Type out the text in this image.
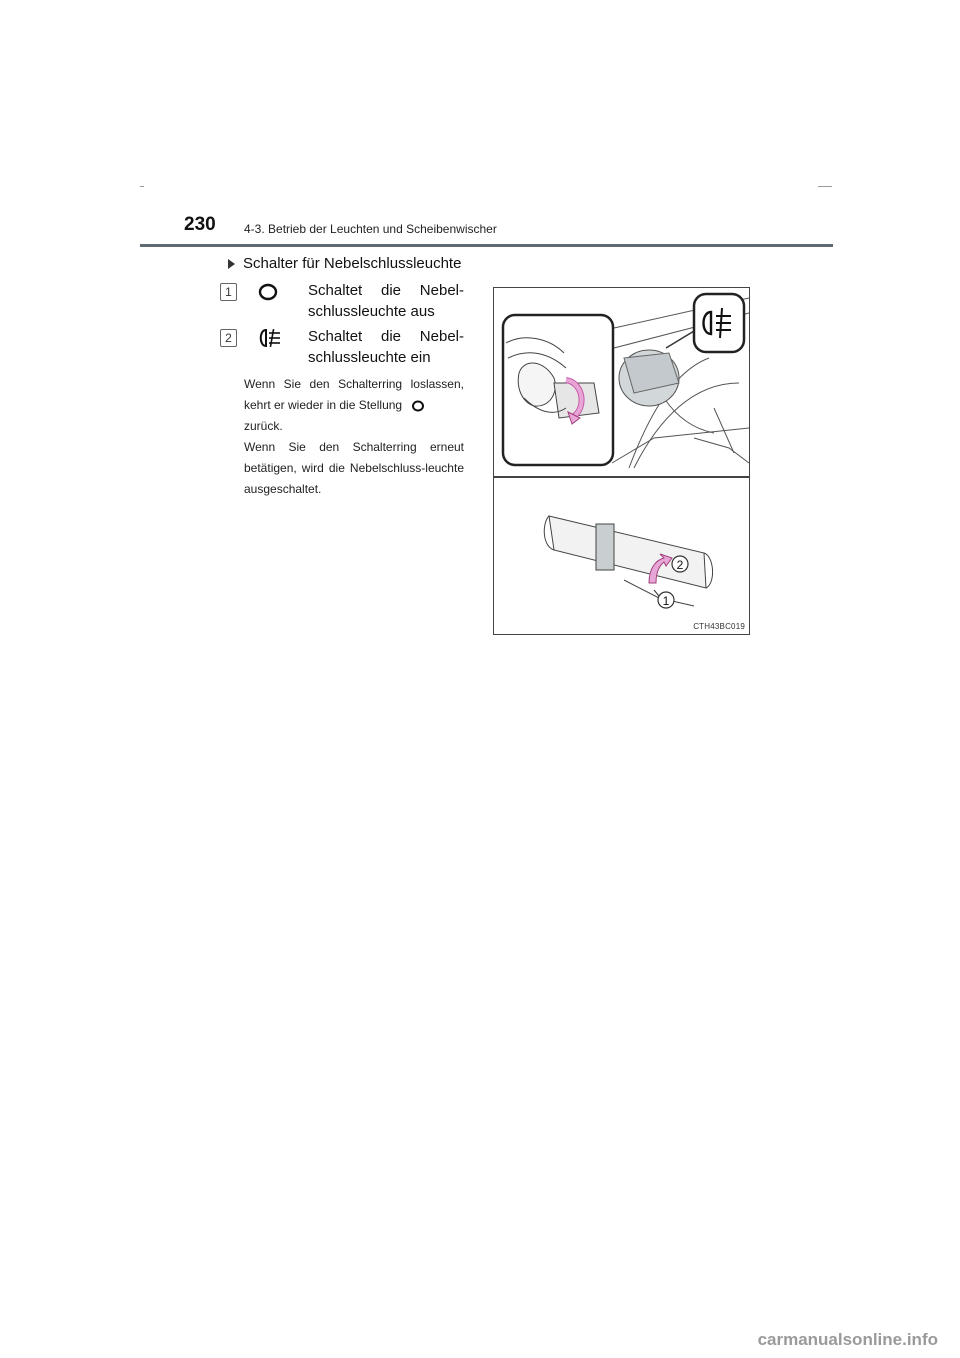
230 4-3. Betrieb der Leuchten und Scheibenwischer
Schalter für Nebelschlussleuchte
1	Schaltet die Nebel-
schlussleuchte aus
2	Schaltet die Nebel-
schlussleuchte ein
Wenn Sie den Schalterring loslassen, kehrt er wieder in die Stellung
zurück.
Wenn Sie den Schalterring erneut betätigen, wird die Nebelschluss-leuchte ausgeschaltet.
2
1
CTH43BC019
carmanualsonline.info
